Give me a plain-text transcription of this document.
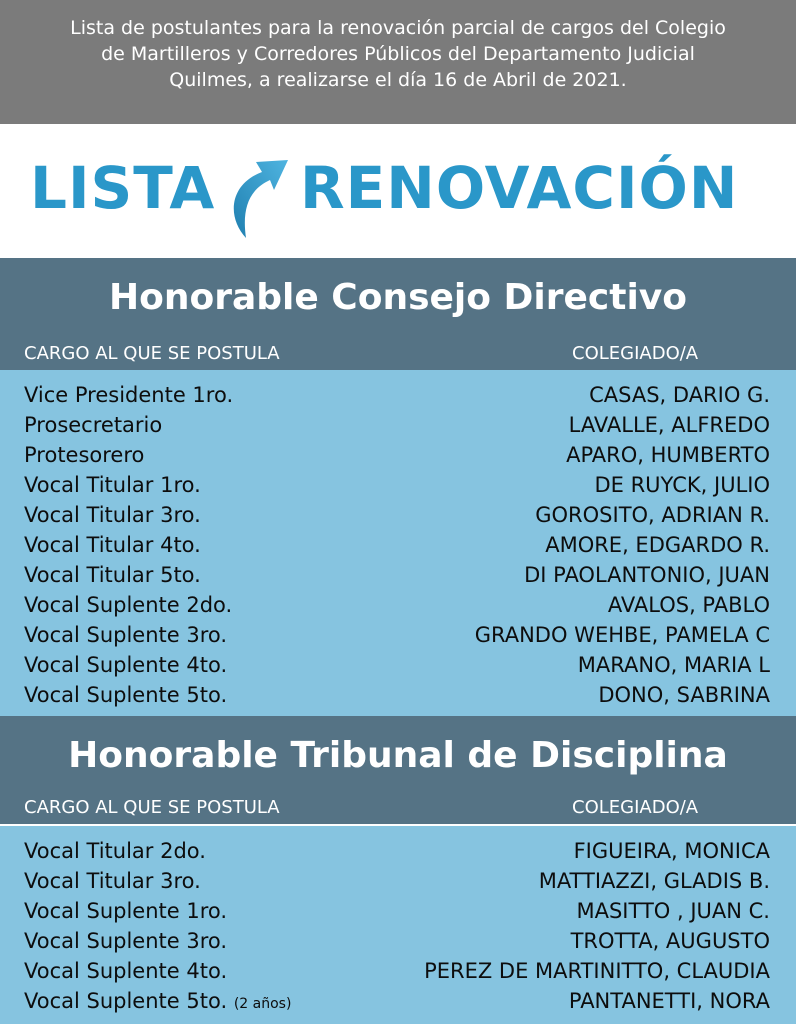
Lista de postulantes para la renovación parcial de cargos del Colegio
de Martilleros y Corredores Públicos del Departamento Judicial
Quilmes, a realizarse el día 16 de Abril de 2021.
LISTA RENOVACIÓN
Honorable Consejo Directivo
CARGO AL QUE SE POSTULA	COLEGIADO/A
Vice Presidente 1ro.	CASAS, DARIO G.
Prosecretario	LAVALLE, ALFREDO
Protesorero	APARO, HUMBERTO
Vocal Titular 1ro.	DE RUYCK, JULIO
Vocal Titular 3ro.	GOROSITO, ADRIAN R.
Vocal Titular 4to.	AMORE, EDGARDO R.
Vocal Titular 5to.	DI PAOLANTONIO, JUAN
Vocal Suplente 2do.	AVALOS, PABLO
Vocal Suplente 3ro.	GRANDO WEHBE, PAMELA C
Vocal Suplente 4to.	MARANO, MARIA L
Vocal Suplente 5to.	DONO, SABRINA
Honorable Tribunal de Disciplina
CARGO AL QUE SE POSTULA	COLEGIADO/A
Vocal Titular 2do.	FIGUEIRA, MONICA
Vocal Titular 3ro.	MATTIAZZI, GLADIS B.
Vocal Suplente 1ro.	MASITTO , JUAN C.
Vocal Suplente 3ro.	TROTTA, AUGUSTO
Vocal Suplente 4to.	PEREZ DE MARTINITTO, CLAUDIA
Vocal Suplente 5to. (2 años)	PANTANETTI, NORA
